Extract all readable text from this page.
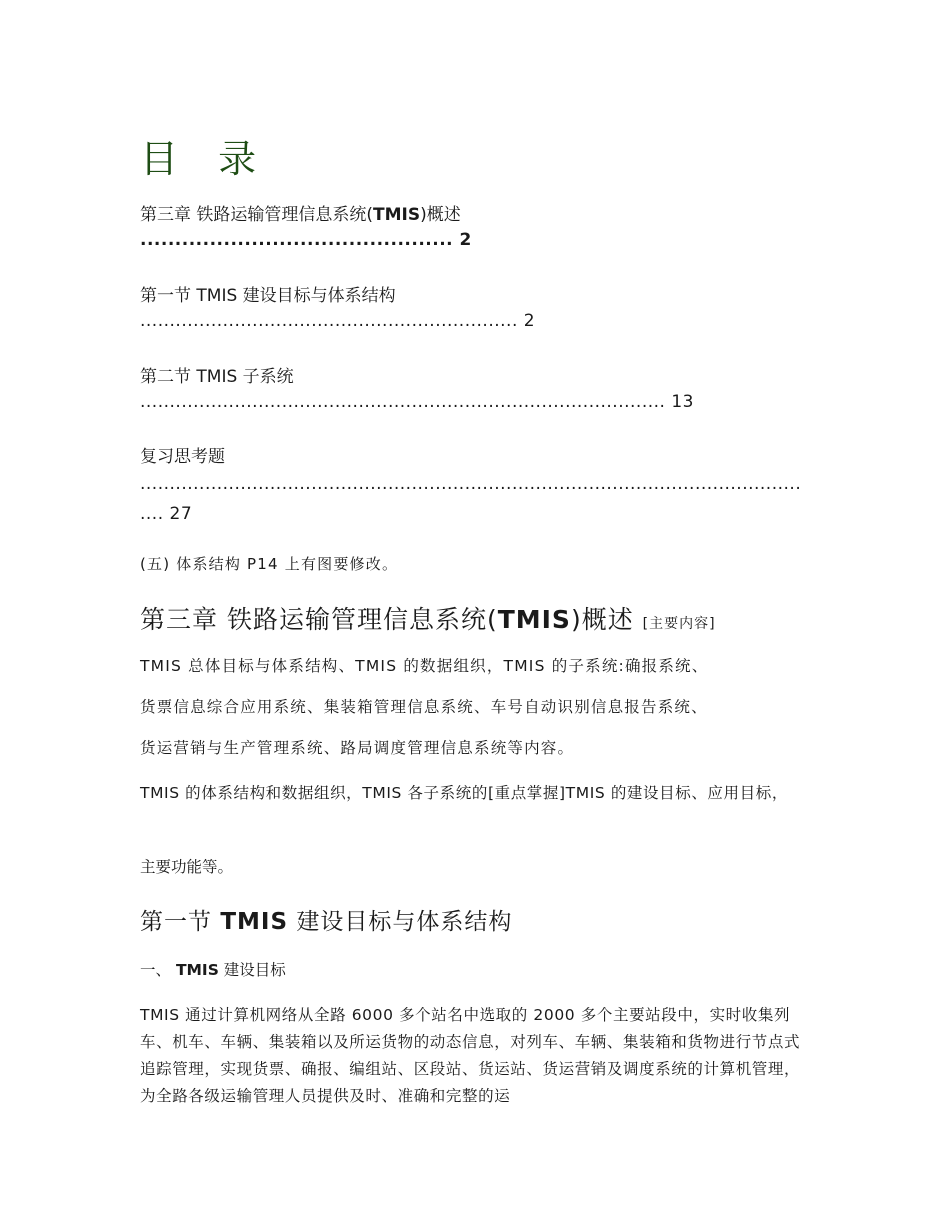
目 录
第三章 铁路运输管理信息系统(TMIS)概述
............................................. 2
第一节 TMIS 建设目标与体系结构
................................................................ 2
第二节 TMIS 子系统
......................................................................................... 13
复习思考题
................................................................................................................
.... 27
(五) 体系结构 P14 上有图要修改。
第三章 铁路运输管理信息系统(TMIS)概述 [主要内容]
TMIS 总体目标与体系结构、TMIS 的数据组织，TMIS 的子系统:确报系统、
货票信息综合应用系统、集装箱管理信息系统、车号自动识别信息报告系统、
货运营销与生产管理系统、路局调度管理信息系统等内容。
TMIS 的体系结构和数据组织，TMIS 各子系统的[重点掌握]TMIS 的建设目标、应用目标，
主要功能等。
第一节 TMIS 建设目标与体系结构
一、 TMIS 建设目标
TMIS 通过计算机网络从全路 6000 多个站名中选取的 2000 多个主要站段中，实时收集列车、机车、车辆、集装箱以及所运货物的动态信息，对列车、车辆、集装箱和货物进行节点式追踪管理，实现货票、确报、编组站、区段站、货运站、货运营销及调度系统的计算机管理，为全路各级运输管理人员提供及时、准确和完整的运
